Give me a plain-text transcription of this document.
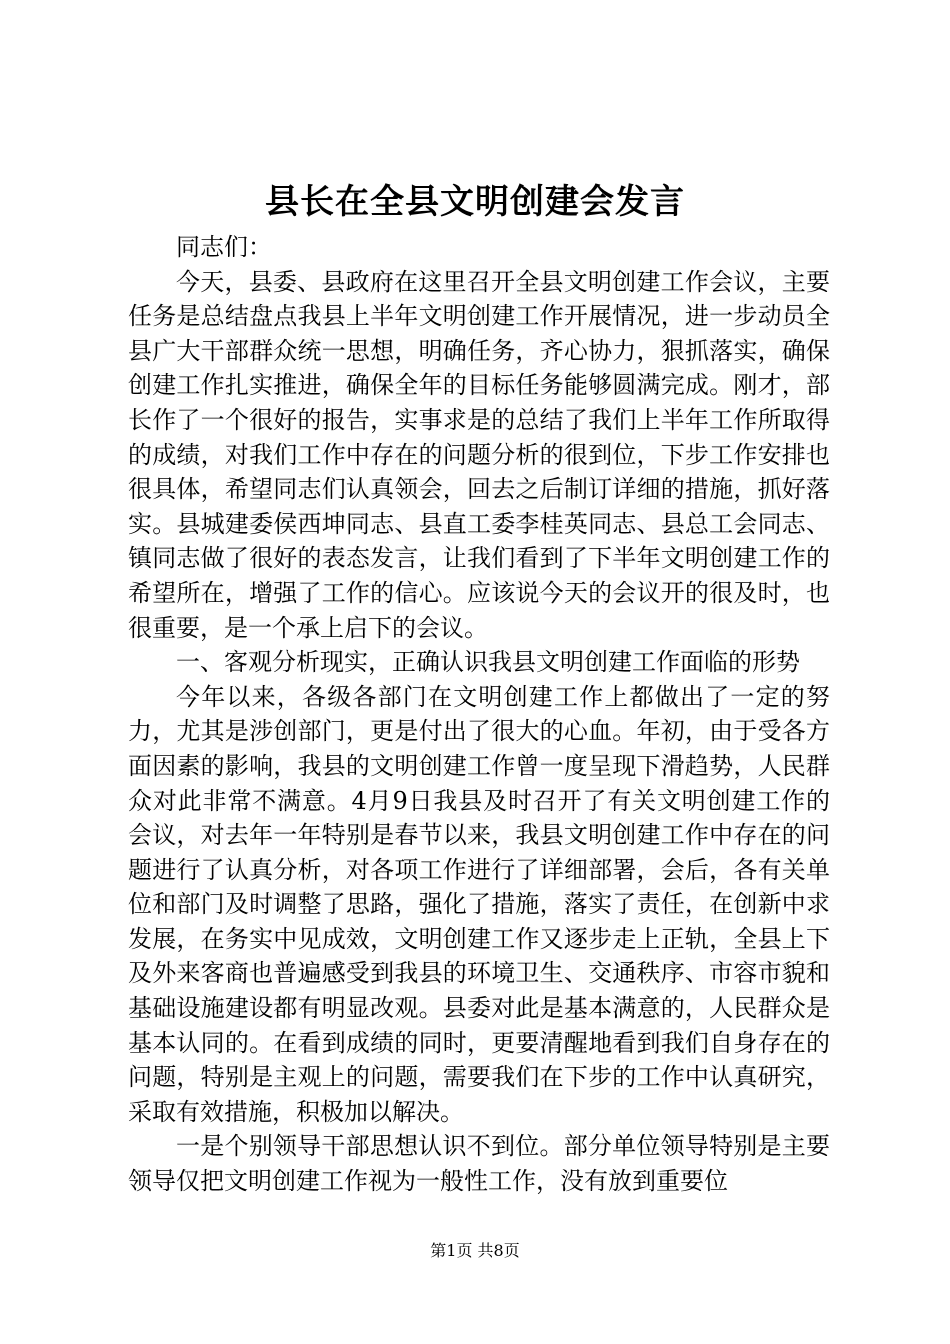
县长在全县文明创建会发言

同志们：

今天，县委、县政府在这里召开全县文明创建工作会议，主要任务是总结盘点我县上半年文明创建工作开展情况，进一步动员全县广大干部群众统一思想，明确任务，齐心协力，狠抓落实，确保创建工作扎实推进，确保全年的目标任务能够圆满完成。刚才，部长作了一个很好的报告，实事求是的总结了我们上半年工作所取得的成绩，对我们工作中存在的问题分析的很到位，下步工作安排也很具体，希望同志们认真领会，回去之后制订详细的措施，抓好落实。县城建委侯西坤同志、县直工委李桂英同志、县总工会同志、镇同志做了很好的表态发言，让我们看到了下半年文明创建工作的希望所在，增强了工作的信心。应该说今天的会议开的很及时，也很重要，是一个承上启下的会议。

一、客观分析现实，正确认识我县文明创建工作面临的形势

今年以来，各级各部门在文明创建工作上都做出了一定的努力，尤其是涉创部门，更是付出了很大的心血。年初，由于受各方面因素的影响，我县的文明创建工作曾一度呈现下滑趋势，人民群众对此非常不满意。4月9日我县及时召开了有关文明创建工作的会议，对去年一年特别是春节以来，我县文明创建工作中存在的问题进行了认真分析，对各项工作进行了详细部署，会后，各有关单位和部门及时调整了思路，强化了措施，落实了责任，在创新中求发展，在务实中见成效，文明创建工作又逐步走上正轨，全县上下及外来客商也普遍感受到我县的环境卫生、交通秩序、市容市貌和基础设施建设都有明显改观。县委对此是基本满意的，人民群众是基本认同的。在看到成绩的同时，更要清醒地看到我们自身存在的问题，特别是主观上的问题，需要我们在下步的工作中认真研究，采取有效措施，积极加以解决。

一是个别领导干部思想认识不到位。部分单位领导特别是主要领导仅把文明创建工作视为一般性工作，没有放到重要位

第1页 共8页
